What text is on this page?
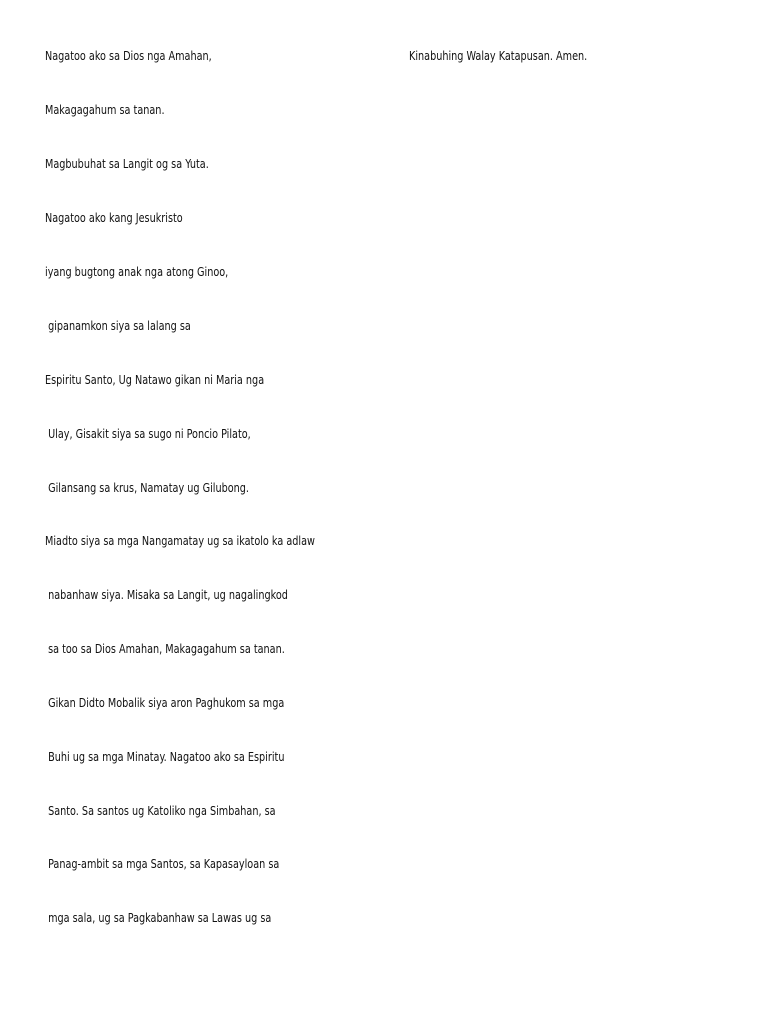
Nagatoo ako sa Dios nga Amahan,	Kinabuhing Walay Katapusan. Amen.

Makagagahum sa tanan.

Magbubuhat sa Langit og sa Yuta.

Nagatoo ako kang Jesukristo

iyang bugtong anak nga atong Ginoo,

gipanamkon siya sa lalang sa

Espiritu Santo, Ug Natawo gikan ni Maria nga

Ulay, Gisakit siya sa sugo ni Poncio Pilato,

Gilansang sa krus, Namatay ug Gilubong.

Miadto siya sa mga Nangamatay ug sa ikatolo ka adlaw

nabanhaw siya. Misaka sa Langit, ug nagalingkod

sa too sa Dios Amahan, Makagagahum sa tanan.

Gikan Didto Mobalik siya aron Paghukom sa mga

Buhi ug sa mga Minatay. Nagatoo ako sa Espiritu

Santo. Sa santos ug Katoliko nga Simbahan, sa

Panag-ambit sa mga Santos, sa Kapasayloan sa

mga sala, ug sa Pagkabanhaw sa Lawas ug sa
